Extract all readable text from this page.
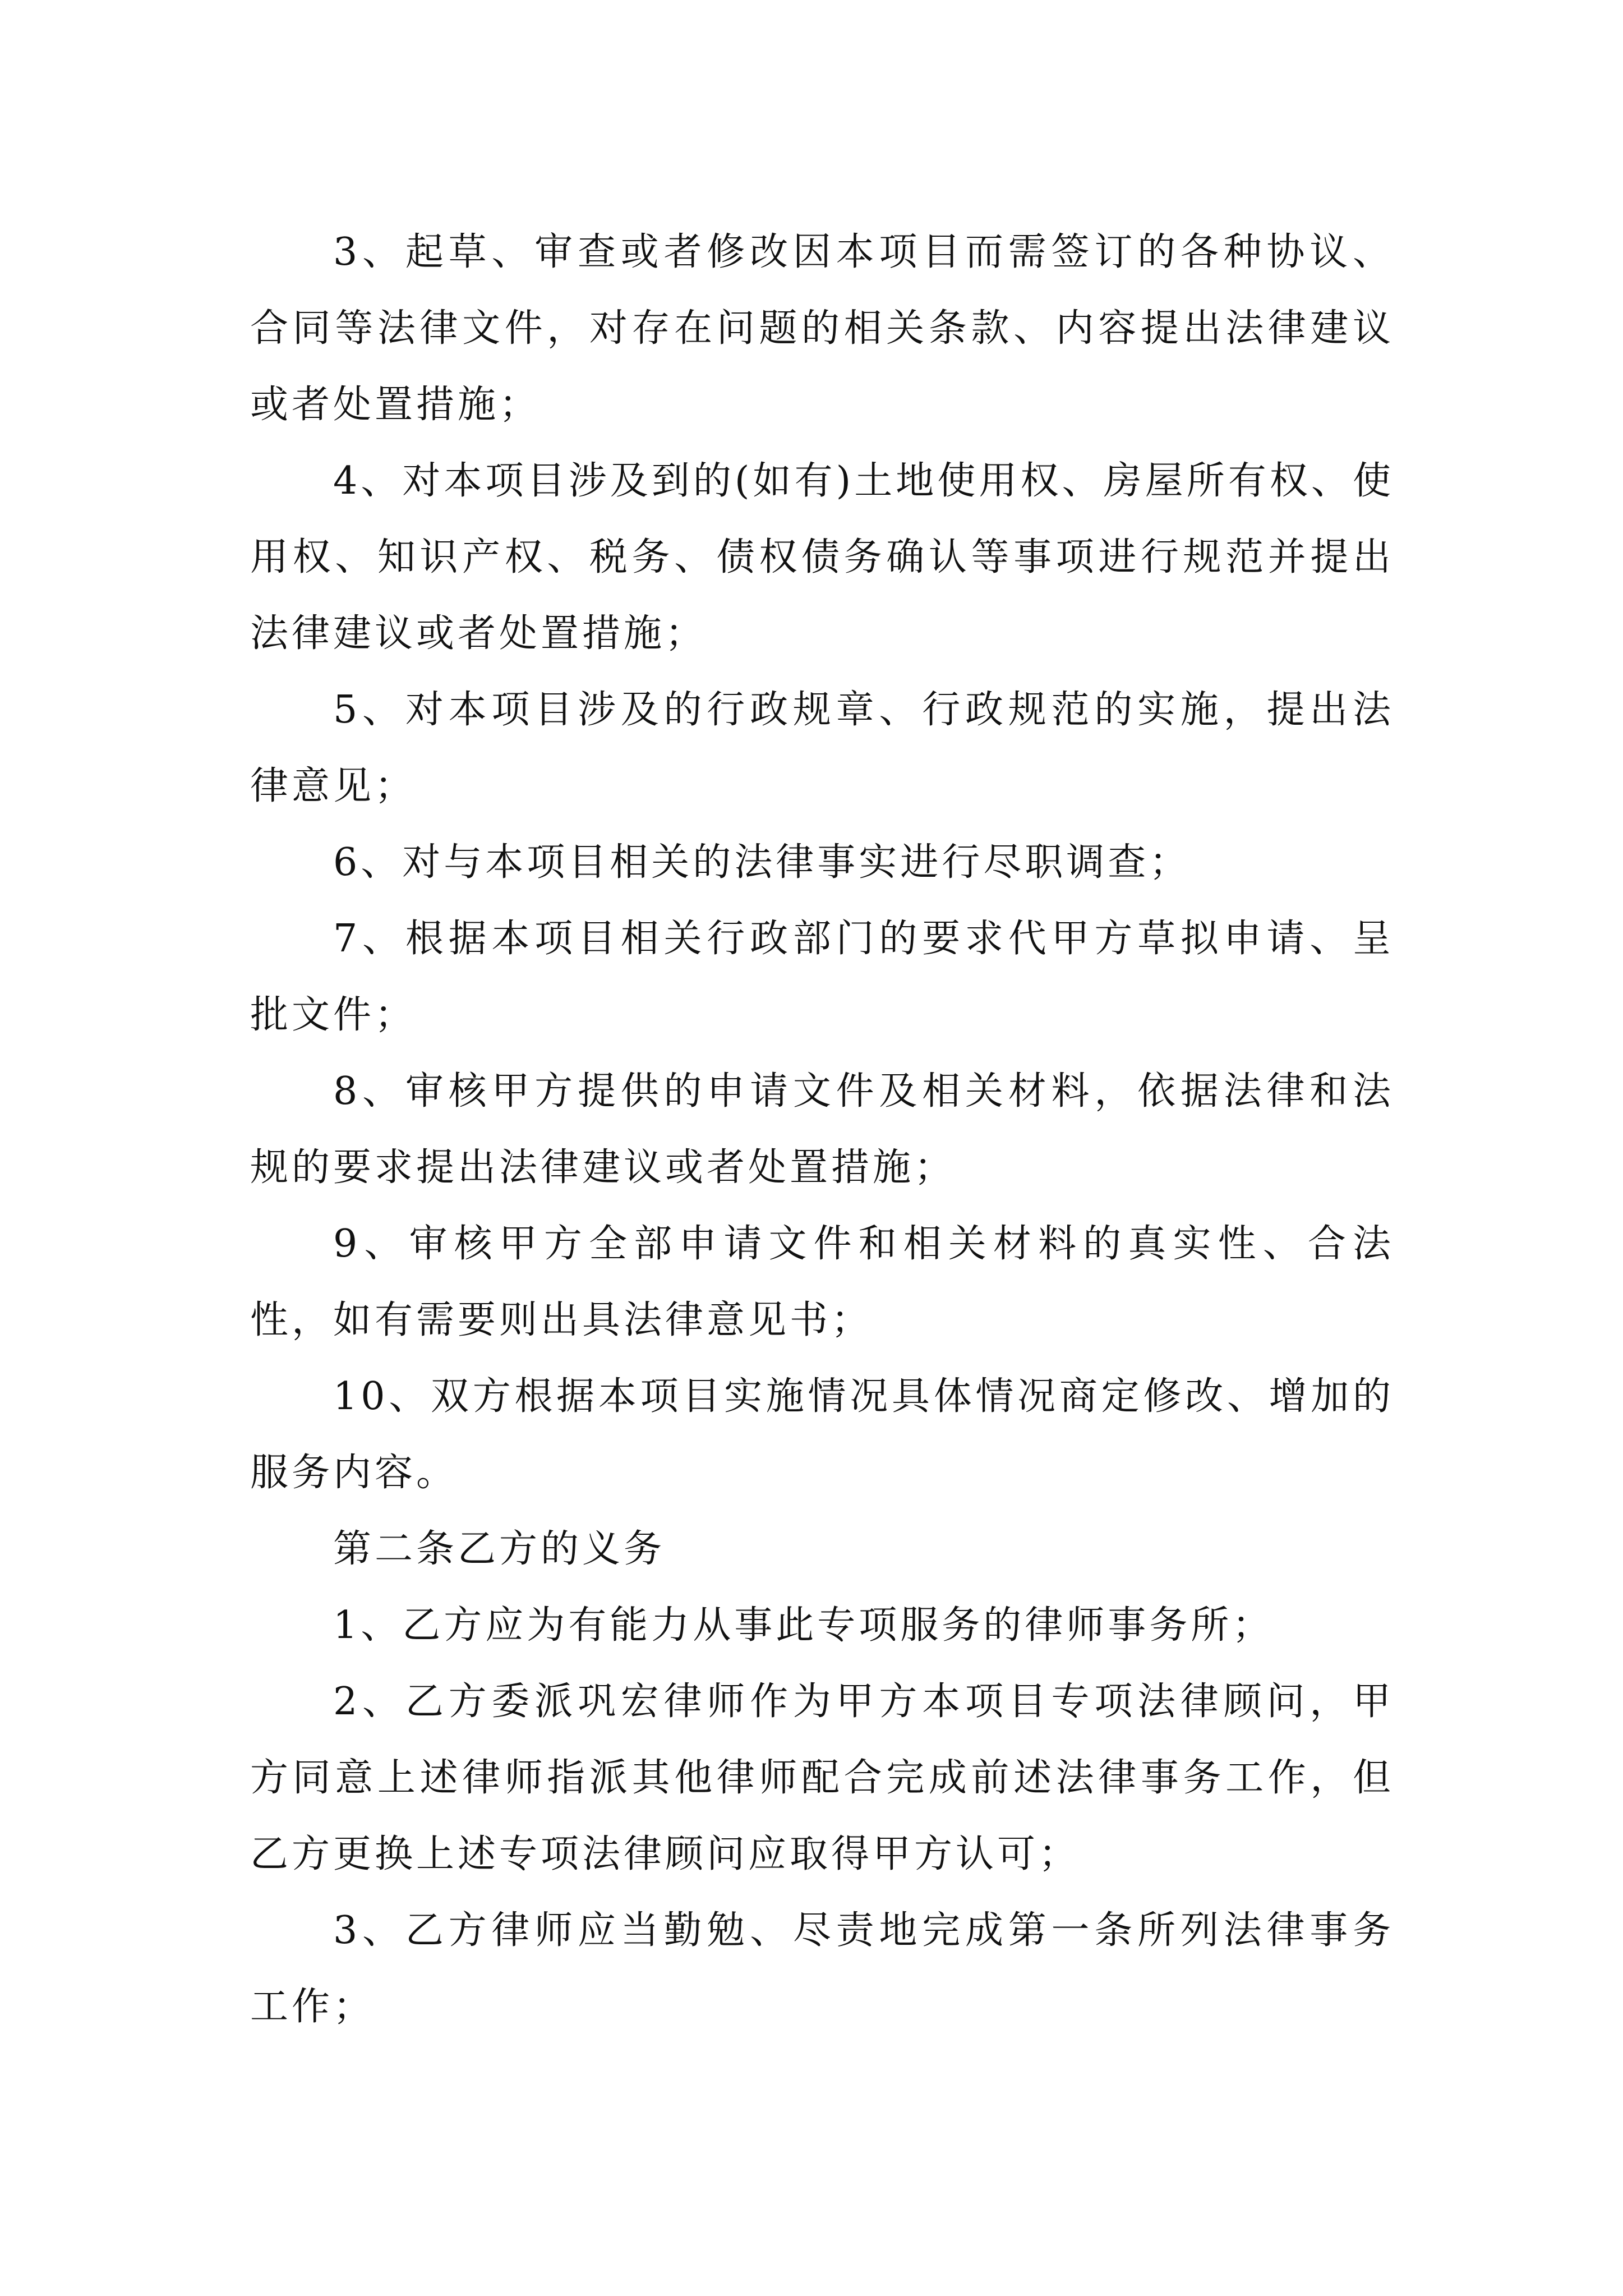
3、起草、审查或者修改因本项目而需签订的各种协议、合同等法律文件，对存在问题的相关条款、内容提出法律建议或者处置措施；

4、对本项目涉及到的(如有)土地使用权、房屋所有权、使用权、知识产权、税务、债权债务确认等事项进行规范并提出法律建议或者处置措施；

5、对本项目涉及的行政规章、行政规范的实施，提出法律意见；

6、对与本项目相关的法律事实进行尽职调查；

7、根据本项目相关行政部门的要求代甲方草拟申请、呈批文件；

8、审核甲方提供的申请文件及相关材料，依据法律和法规的要求提出法律建议或者处置措施；

9、审核甲方全部申请文件和相关材料的真实性、合法性，如有需要则出具法律意见书；

10、双方根据本项目实施情况具体情况商定修改、增加的服务内容。

第二条乙方的义务

1、乙方应为有能力从事此专项服务的律师事务所；

2、乙方委派巩宏律师作为甲方本项目专项法律顾问，甲方同意上述律师指派其他律师配合完成前述法律事务工作，但乙方更换上述专项法律顾问应取得甲方认可；

3、乙方律师应当勤勉、尽责地完成第一条所列法律事务工作；
